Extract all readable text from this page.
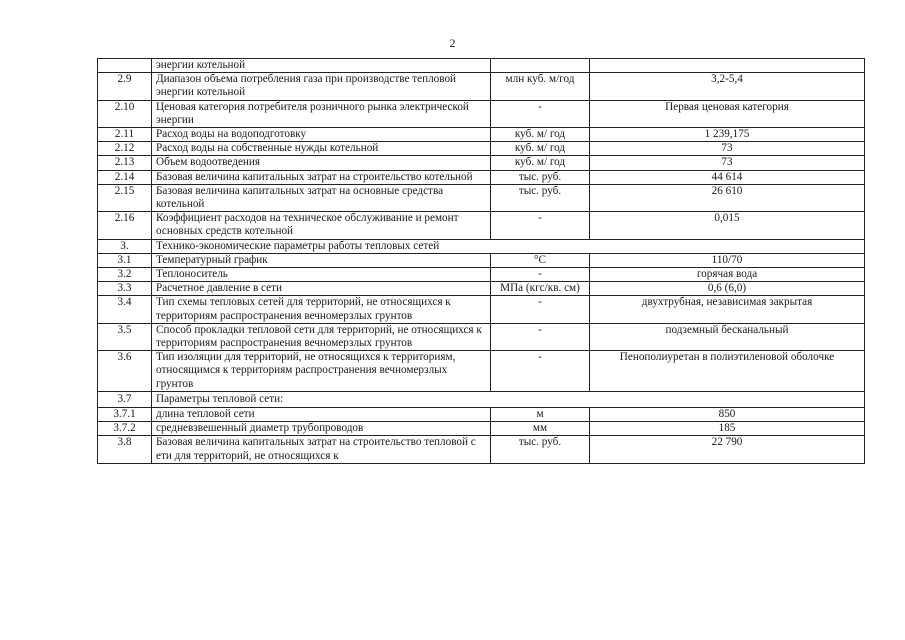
2
	энергии котельной		
2.9	Диапазон объема потребления газа при производстве тепловой энергии котельной	млн куб. м/год	3,2-5,4
2.10	Ценовая категория потребителя розничного рынка электрической энергии	-	Первая ценовая категория
2.11	Расход воды на водоподготовку	куб. м/ год	1 239,175
2.12	Расход воды на собственные нужды котельной	куб. м/ год	73
2.13	Объем водоотведения	куб. м/ год	73
2.14	Базовая величина капитальных затрат на строительство котельной	тыс. руб.	44 614
2.15	Базовая величина капитальных затрат на основные средства котельной	тыс. руб.	26 610
2.16	Коэффициент расходов на техническое обслуживание и ремонт основных средств котельной	-	0,015
3.	Технико-экономические параметры работы тепловых сетей		
3.1	Температурный график	°С	110/70
3.2	Теплоноситель	-	горячая вода
3.3	Расчетное давление в сети	МПа (кгс/кв. см)	0,6 (6,0)
3.4	Тип схемы тепловых сетей для территорий, не относящихся к территориям распространения вечномерзлых грунтов	-	двухтрубная, независимая закрытая
3.5	Способ прокладки тепловой сети для территорий, не относящихся к территориям распространения вечномерзлых грунтов	-	подземный бесканальный
3.6	Тип изоляции для территорий, не относящихся к территориям, относящимся к территориям распространения вечномерзлых грунтов	-	Пенополиуретан в полиэтиленовой оболочке
3.7	Параметры тепловой сети:		
3.7.1	длина тепловой сети	м	850
3.7.2	средневзвешенный диаметр трубопроводов	мм	185
3.8	Базовая величина капитальных затрат на строительство тепловой с ети для территорий, не относящихся к	тыс. руб.	22 790
